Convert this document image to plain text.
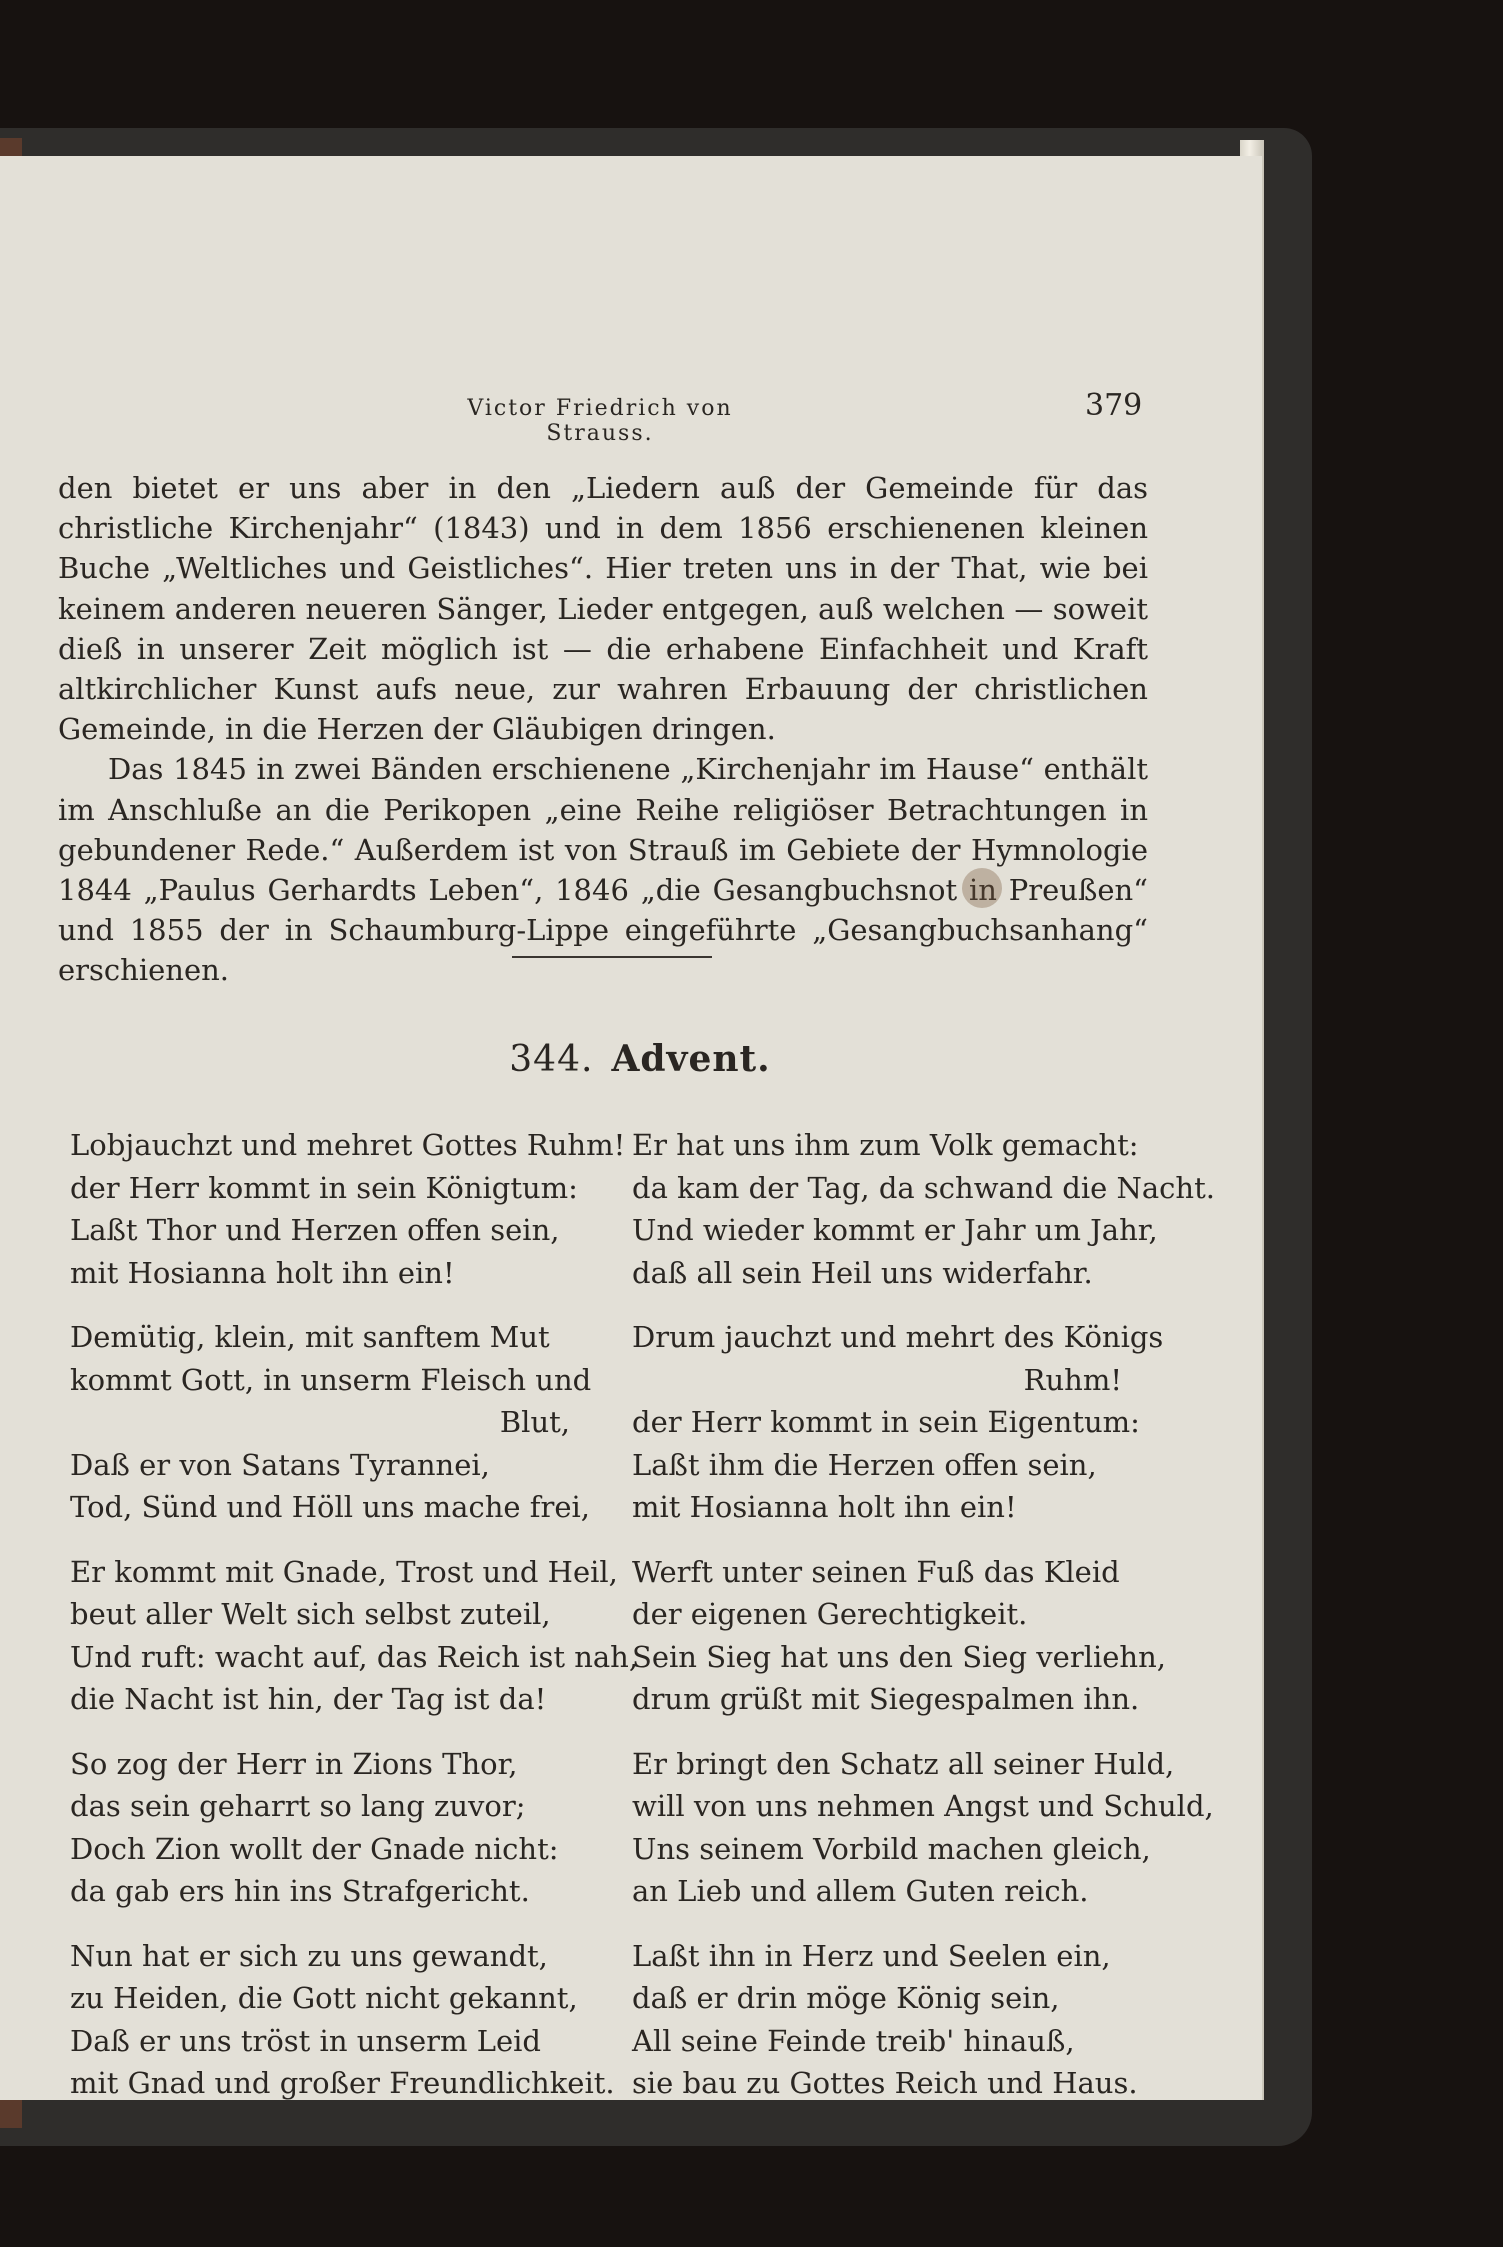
Victor Friedrich von Strauss.
379

den bietet er uns aber in den „Liedern auß der Gemeinde für das christliche Kirchenjahr“ (1843) und in dem 1856 erschienenen kleinen Buche „Weltliches und Geistliches“. Hier treten uns in der That, wie bei keinem anderen neueren Sänger, Lieder entgegen, auß welchen — soweit dieß in unserer Zeit möglich ist — die erhabene Einfachheit und Kraft altkirchlicher Kunst aufs neue, zur wahren Erbauung der christlichen Gemeinde, in die Herzen der Gläubigen dringen.

Das 1845 in zwei Bänden erschienene „Kirchenjahr im Hause“ enthält im Anschluße an die Perikopen „eine Reihe religiöser Betrachtungen in gebundener Rede.“ Außerdem ist von Strauß im Gebiete der Hymnologie 1844 „Paulus Gerhardts Leben“, 1846 „die Gesangbuchsnot in Preußen“ und 1855 der in Schaumburg-Lippe eingeführte „Gesangbuchsanhang“ erschienen.

344. Advent.
Lobjauchzt und mehret Gottes Ruhm!
der Herr kommt in sein Königtum:
Laßt Thor und Herzen offen sein,
mit Hosianna holt ihn ein!
Demütig, klein, mit sanftem Mut
kommt Gott, in unserm Fleisch und
Blut,
Daß er von Satans Tyrannei,
Tod, Sünd und Höll uns mache frei,
Er kommt mit Gnade, Trost und Heil,
beut aller Welt sich selbst zuteil,
Und ruft: wacht auf, das Reich ist nah,
die Nacht ist hin, der Tag ist da!
So zog der Herr in Zions Thor,
das sein geharrt so lang zuvor;
Doch Zion wollt der Gnade nicht:
da gab ers hin ins Strafgericht.
Nun hat er sich zu uns gewandt,
zu Heiden, die Gott nicht gekannt,
Daß er uns tröst in unserm Leid
mit Gnad und großer Freundlichkeit.
Er hat uns ihm zum Volk gemacht:
da kam der Tag, da schwand die Nacht.
Und wieder kommt er Jahr um Jahr,
daß all sein Heil uns widerfahr.
Drum jauchzt und mehrt des Königs
Ruhm!
der Herr kommt in sein Eigentum:
Laßt ihm die Herzen offen sein,
mit Hosianna holt ihn ein!
Werft unter seinen Fuß das Kleid
der eigenen Gerechtigkeit.
Sein Sieg hat uns den Sieg verliehn,
drum grüßt mit Siegespalmen ihn.
Er bringt den Schatz all seiner Huld,
will von uns nehmen Angst und Schuld,
Uns seinem Vorbild machen gleich,
an Lieb und allem Guten reich.
Laßt ihn in Herz und Seelen ein,
daß er drin möge König sein,
All seine Feinde treib' hinauß,
sie bau zu Gottes Reich und Haus.
